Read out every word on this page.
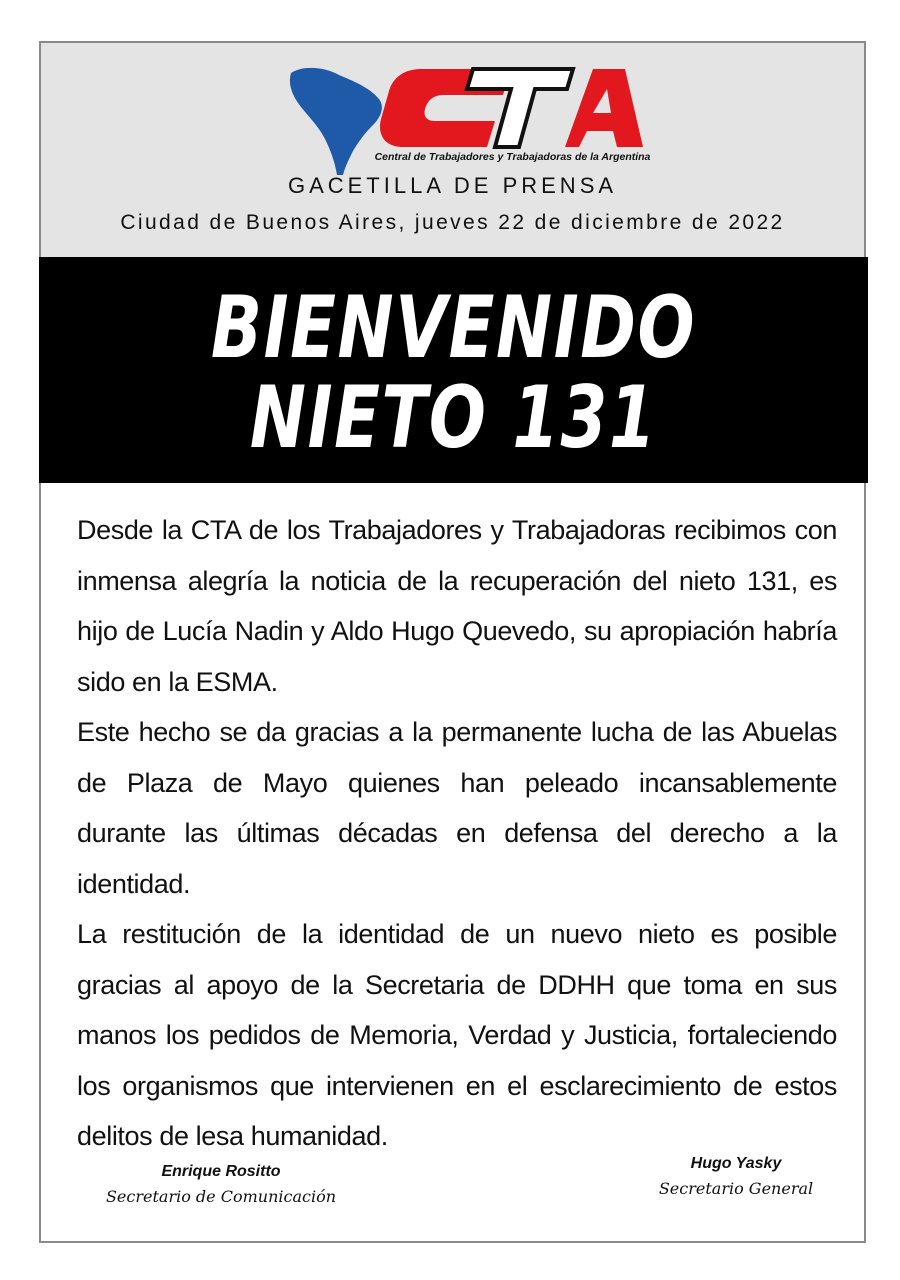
Central de Trabajadores y Trabajadoras de la Argentina
GACETILLA DE PRENSA
Ciudad de Buenos Aires, jueves 22 de diciembre de 2022
BIENVENIDO
NIETO 131

Desde la CTA de los Trabajadores y Trabajadoras recibimos con inmensa alegría la noticia de la recuperación del nieto 131, es hijo de Lucía Nadin y Aldo Hugo Quevedo, su apropiación habría sido en la ESMA.

Este hecho se da gracias a la permanente lucha de las Abuelas de Plaza de Mayo quienes han peleado incansablemente durante las últimas décadas en defensa del derecho a la identidad.

La restitución de la identidad de un nuevo nieto es posible gracias al apoyo de la Secretaria de DDHH que toma en sus manos los pedidos de Memoria, Verdad y Justicia, fortaleciendo los organismos que intervienen en el esclarecimiento de estos delitos de lesa humanidad.

Enrique Rositto
Secretario de Comunicación
Hugo Yasky
Secretario General
